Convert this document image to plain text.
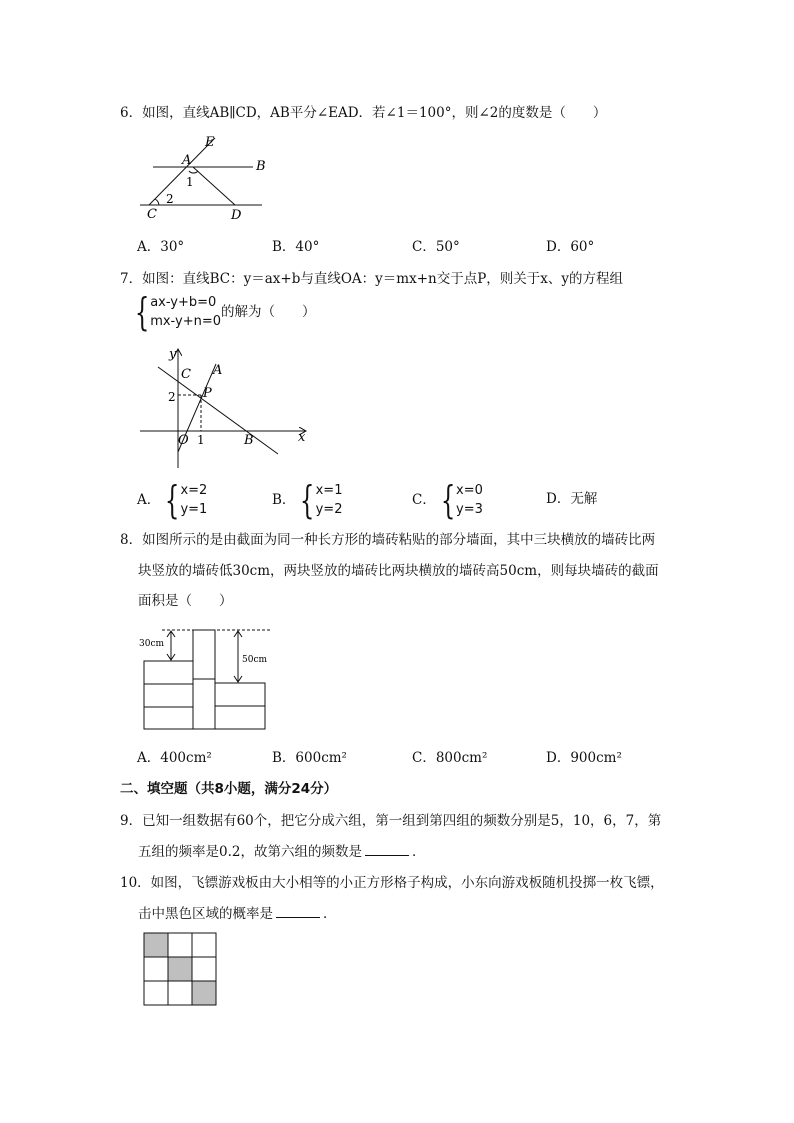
6．如图，直线AB∥CD，AB平分∠EAD．若∠1＝100°，则∠2的度数是（　　）
E
A	B
1
C
2
D
A．30°	B．40°	C．50°	D．60°
7．如图：直线BC：y＝ax+b与直线OA：y＝mx+n交于点P，则关于x、y的方程组
{ ax-y+b=0
mx-y+n=0
的解为（　　）
y
C A
2 P
O 1	B	x
A． { x=2
y=1
B． { x=1
y=2
C． { x=0
y=3
D．无解
8．如图所示的是由截面为同一种长方形的墙砖粘贴的部分墙面，其中三块横放的墙砖比两
块竖放的墙砖低30cm，两块竖放的墙砖比两块横放的墙砖高50cm，则每块墙砖的截面
面积是（　　）
30cm
50cm
A．400cm²	B．600cm²	C．800cm²	D．900cm²
二、填空题（共8小题，满分24分）
9．已知一组数据有60个，把它分成六组，第一组到第四组的频数分别是5，10，6，7，第
五组的频率是0.2，故第六组的频数是	．
10．如图，飞镖游戏板由大小相等的小正方形格子构成，小东向游戏板随机投掷一枚飞镖，
击中黑色区域的概率是	．
